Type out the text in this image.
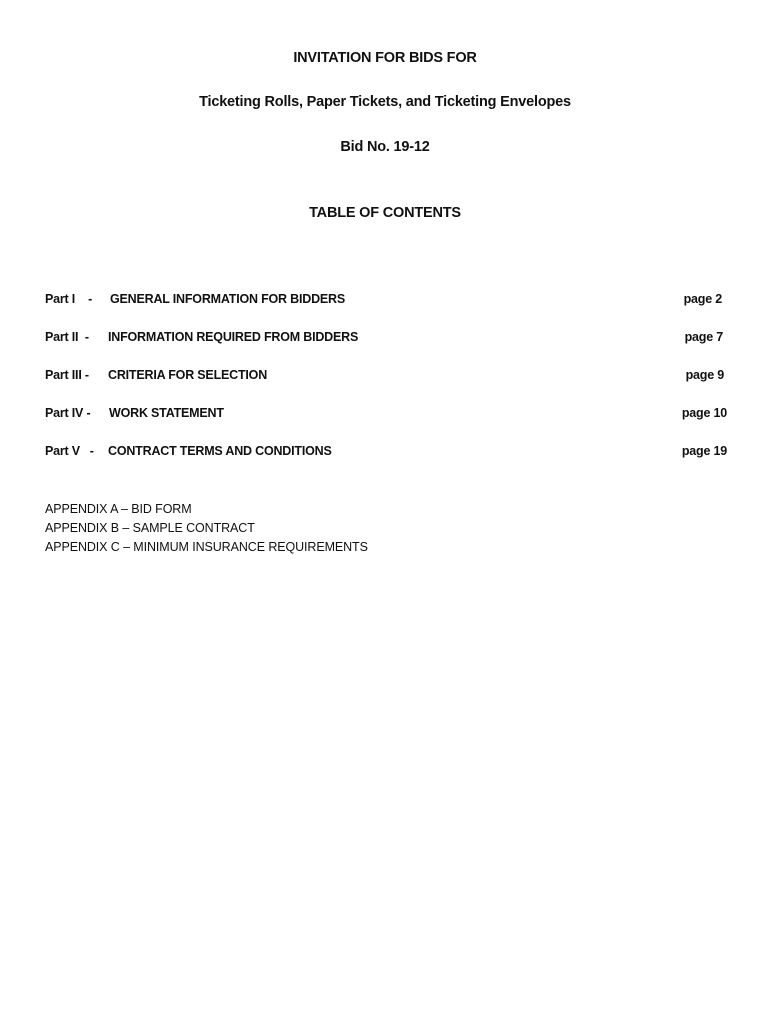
INVITATION FOR BIDS FOR
Ticketing Rolls, Paper Tickets, and Ticketing Envelopes
Bid No. 19-12
TABLE OF CONTENTS
Part I    - GENERAL INFORMATION FOR BIDDERS	page 2
Part II  - INFORMATION REQUIRED FROM BIDDERS	page 7
Part III - CRITERIA FOR SELECTION	page 9
Part IV - WORK STATEMENT	page 10
Part V   - CONTRACT TERMS AND CONDITIONS	page 19
APPENDIX A – BID FORM
APPENDIX B – SAMPLE CONTRACT
APPENDIX C – MINIMUM INSURANCE REQUIREMENTS
